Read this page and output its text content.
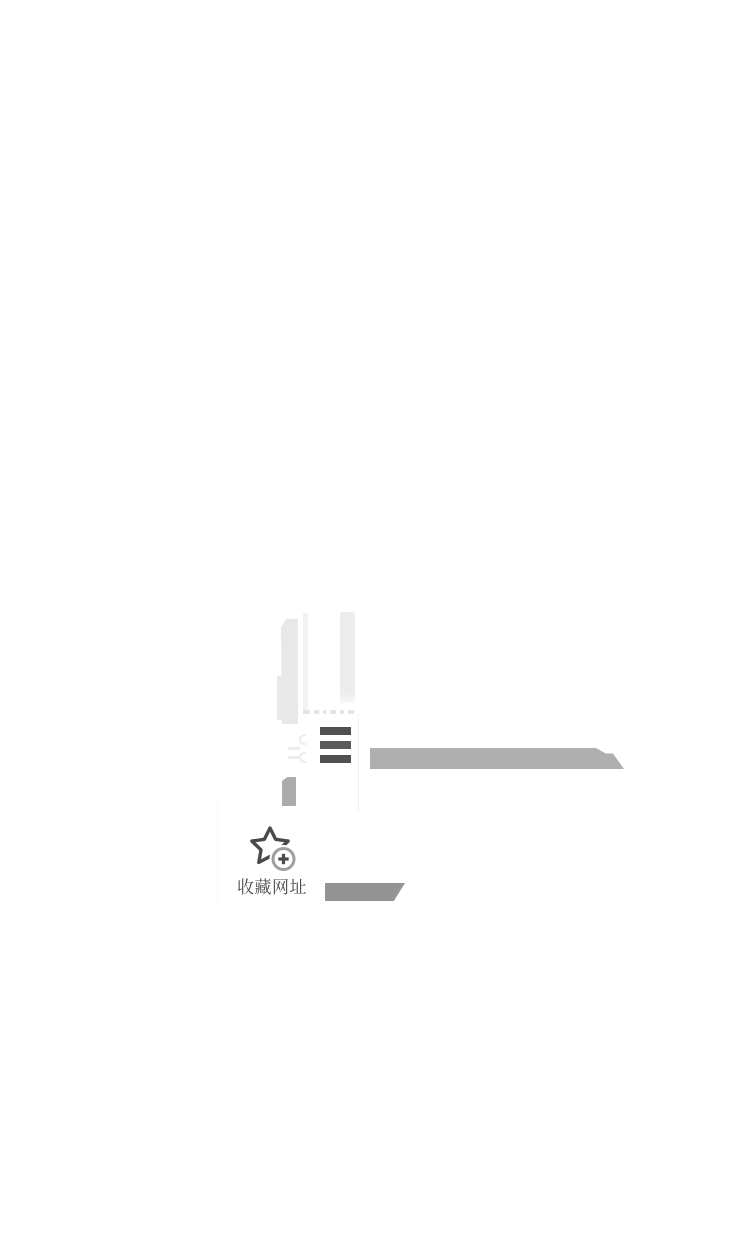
收藏网址
